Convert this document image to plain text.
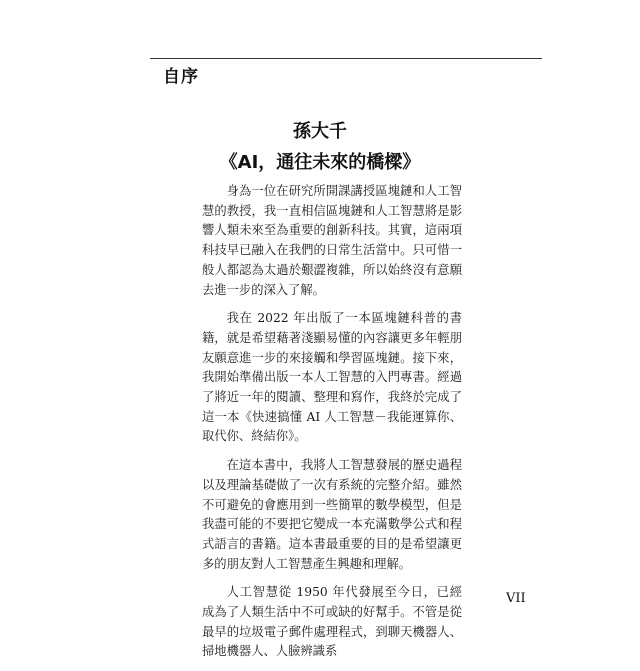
自序
孫大千
《AI，通往未來的橋樑》

身為一位在研究所開課講授區塊鏈和人工智慧的教授，我一直相信區塊鏈和人工智慧將是影響人類未來至為重要的創新科技。其實，這兩項科技早已融入在我們的日常生活當中。只可惜一般人都認為太過於艱澀複雜，所以始終沒有意願去進一步的深入了解。

我在 2022 年出版了一本區塊鏈科普的書籍，就是希望藉著淺顯易懂的內容讓更多年輕朋友願意進一步的來接觸和學習區塊鏈。接下來，我開始準備出版一本人工智慧的入門專書。經過了將近一年的閱讀、整理和寫作，我終於完成了這一本《快速搞懂 AI 人工智慧－我能運算你、取代你、終結你》。

在這本書中，我將人工智慧發展的歷史過程以及理論基礎做了一次有系統的完整介紹。雖然不可避免的會應用到一些簡單的數學模型，但是我盡可能的不要把它變成一本充滿數學公式和程式語言的書籍。這本書最重要的目的是希望讓更多的朋友對人工智慧產生興趣和理解。

人工智慧從 1950 年代發展至今日，已經成為了人類生活中不可或缺的好幫手。不管是從最早的垃圾電子郵件處理程式，到聊天機器人、掃地機器人、人臉辨識系

VII
